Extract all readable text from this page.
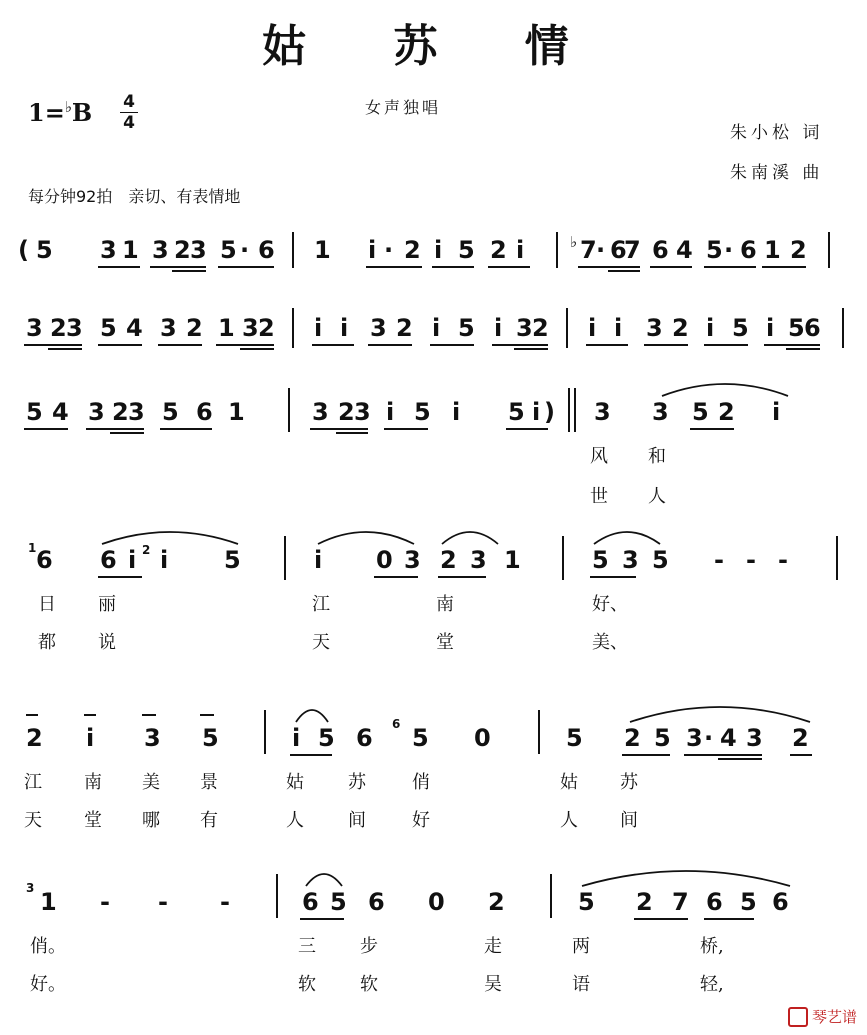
姑 苏 情
1=♭B 4
4
女声独唱
朱小松 词
朱南溪 曲
每分钟92拍　亲切、有表情地
( 5 3 1 3 2 3 5 · 6 1 i · 2 i 5 2 i	♭ 7 · 6
7 6 4 5 · 6 1 2
3 2 3 5 4 3 2 1 3 2 i i 3 2 i 5 i 3 2 i i 3 2 i 5 i 5 6
5 4 3 2 3 5 6 1	3 2 3 i 5 i 5 i ) 3 3 5 2 i
风 和
世 人
1 6 6 i 2 i 5	i 0 3 2 3 1	5 3 5 - - -
日 丽	江	南	好、
都 说	天	堂	美、
2 i 3 5	i 5 6 6 5 0	5 2 5 3 · 4 3 2
江 南 美 景	姑 苏	俏	姑 苏
天 堂 哪 有	人 间	好	人 间
3 1 - - -	6 5 6 0 2	5 2 7 6 5 6
俏。	三 步	走	两	桥,
好。	软 软	吴	语	轻,
琴艺谱
